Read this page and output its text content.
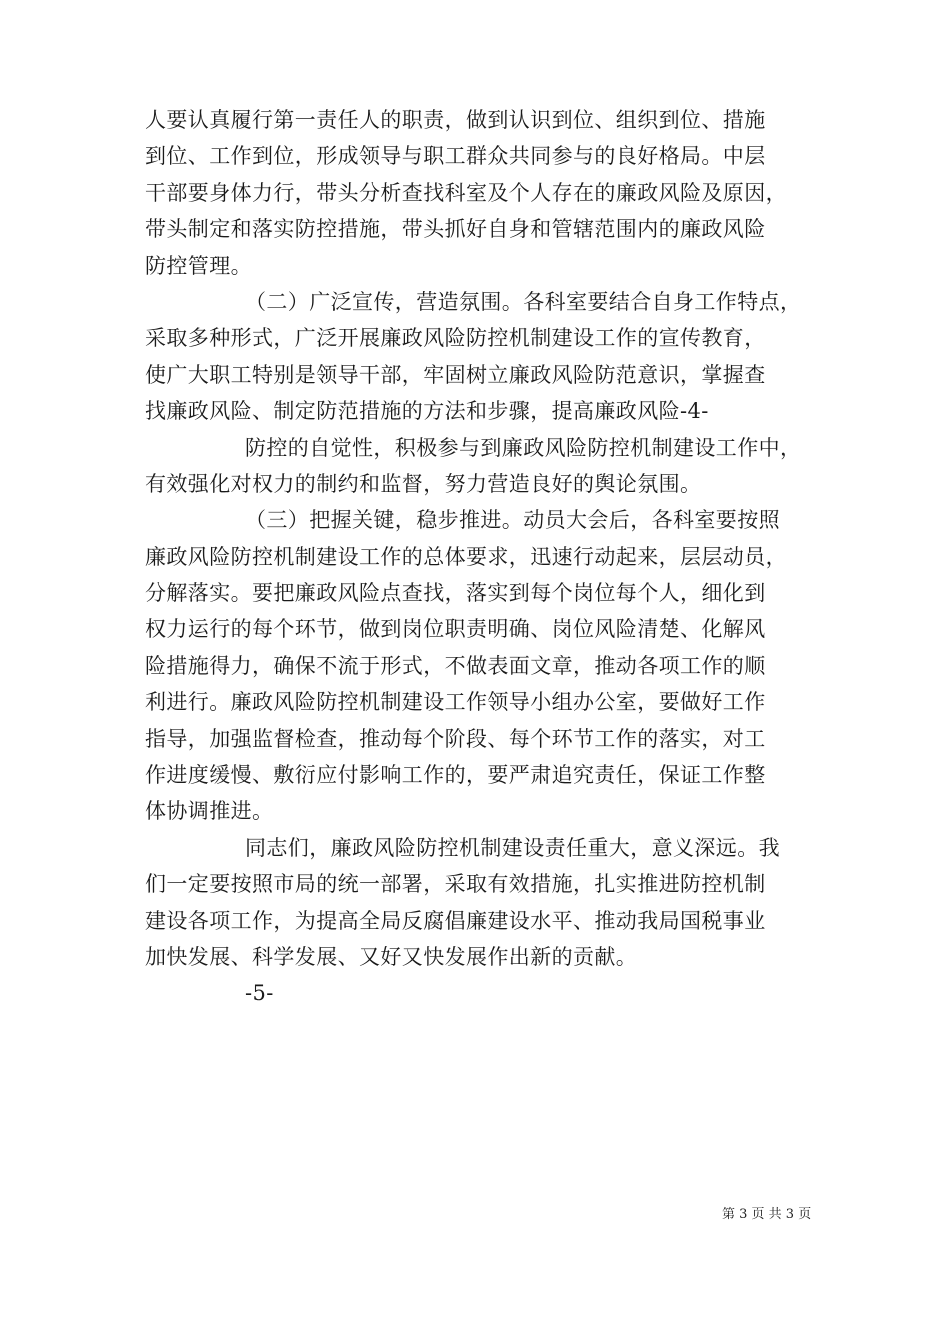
人要认真履行第一责任人的职责，做到认识到位、组织到位、措施
到位、工作到位，形成领导与职工群众共同参与的良好格局。中层
干部要身体力行，带头分析查找科室及个人存在的廉政风险及原因，
带头制定和落实防控措施，带头抓好自身和管辖范围内的廉政风险
防控管理。
（二）广泛宣传，营造氛围。各科室要结合自身工作特点，
采取多种形式，广泛开展廉政风险防控机制建设工作的宣传教育，
使广大职工特别是领导干部，牢固树立廉政风险防范意识，掌握查
找廉政风险、制定防范措施的方法和步骤，提高廉政风险-4-
防控的自觉性，积极参与到廉政风险防控机制建设工作中，
有效强化对权力的制约和监督，努力营造良好的舆论氛围。
（三）把握关键，稳步推进。动员大会后，各科室要按照
廉政风险防控机制建设工作的总体要求，迅速行动起来，层层动员，
分解落实。要把廉政风险点查找，落实到每个岗位每个人，细化到
权力运行的每个环节，做到岗位职责明确、岗位风险清楚、化解风
险措施得力，确保不流于形式，不做表面文章，推动各项工作的顺
利进行。廉政风险防控机制建设工作领导小组办公室，要做好工作
指导，加强监督检查，推动每个阶段、每个环节工作的落实，对工
作进度缓慢、敷衍应付影响工作的，要严肃追究责任，保证工作整
体协调推进。
同志们，廉政风险防控机制建设责任重大，意义深远。我
们一定要按照市局的统一部署，采取有效措施，扎实推进防控机制
建设各项工作，为提高全局反腐倡廉建设水平、推动我局国税事业
加快发展、科学发展、又好又快发展作出新的贡献。
-5-
第 3 页 共 3 页
